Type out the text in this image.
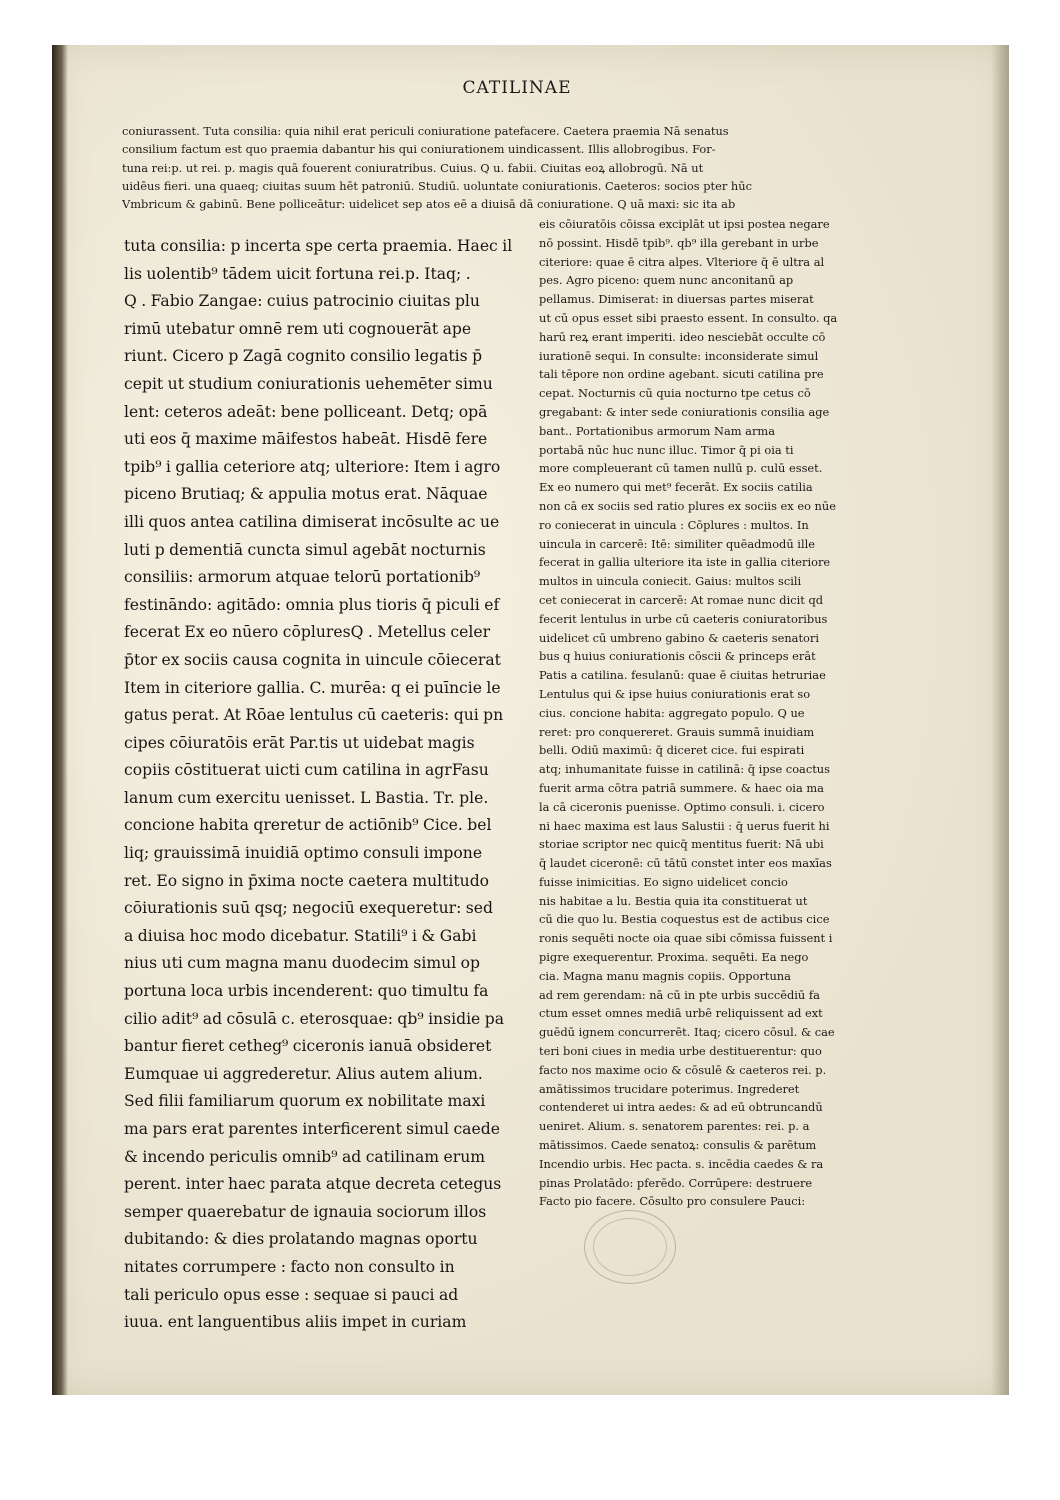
CATILINAE
coniurassent. Tuta consilia: quia nihil erat periculi coniuratione patefacere. Caetera praemia Nā senatus
consilium factum est quo praemia dabantur his qui coniurationem uindicassent. Illis allobrogibus. For-
tuna rei:p. ut rei. p. magis quā fouerent coniuratribus. Cuius. Q u. fabii. Ciuitas eoꝝ allobrogū. Nā ut
uidēus fieri. una quaeq; ciuitas suum hēt patroniū. Studiū. uoluntate coniurationis. Caeteros: socios pter hūc
Vmbricum & gabinū. Bene polliceātur: uidelicet sep atos eē a diuisā dā coniuratione. Q uā maxi: sic ita ab
tuta consilia: p incerta spe certa praemia. Haec il
lis uolentib⁹ tādem uicit fortuna rei.p. Itaq; .
Q . Fabio Zangae: cuius patrocinio ciuitas plu
rimū utebatur omnē rem uti cognouerāt ape
riunt. Cicero p Zagā cognito consilio legatis p̄
cepit ut studium coniurationis uehemēter simu
lent: ceteros adeāt: bene polliceant. Detq; opā
uti eos q̄ maxime māifestos habeāt. Hisdē fere
tpib⁹ i gallia ceteriore atq; ulteriore: Item i agro
piceno Brutiaq; & appulia motus erat. Nāquae
illi quos antea catilina dimiserat incōsulte ac ue
luti p dementiā cuncta simul agebāt nocturnis
consiliis: armorum atquae telorū portationib⁹
festināndo: agitādo: omnia plus tioris q̄ piculi ef
fecerat Ex eo nūero cōpluresQ . Metellus celer
p̄tor ex sociis causa cognita in uincule cōiecerat
Item in citeriore gallia. C. murēa: q ei puīncie le
gatus perat. At Rōae lentulus cū caeteris: qui pn
cipes cōiuratōis erāt Par.tis ut uidebat magis
copiis cōstituerat uicti cum catilina in agrFasu
lanum cum exercitu uenisset. L Bastia. Tr. ple.
concione habita qreretur de actiōnib⁹ Cice. bel
liq; grauissimā inuidiā optimo consuli impone
ret. Eo signo in p̄xima nocte caetera multitudo
cōiurationis suū qsq; negociū exequeretur: sed
a diuisa hoc modo dicebatur. Statili⁹ i & Gabi
nius uti cum magna manu duodecim simul op
portuna loca urbis incenderent: quo timultu fa
cilio adit⁹ ad cōsulā c. eterosquae: qb⁹ insidie pa
bantur fieret cetheg⁹ ciceronis ianuā obsideret
Eumquae ui aggrederetur. Alius autem alium.
Sed filii familiarum quorum ex nobilitate maxi
ma pars erat parentes interficerent simul caede
& incendo periculis omnib⁹ ad catilinam erum
perent. inter haec parata atque decreta cetegus
semper quaerebatur de ignauia sociorum illos
dubitando: & dies prolatando magnas oportu
nitates corrumpere : facto non consulto in
tali periculo opus esse : sequae si pauci ad
iuua. ent languentibus aliis impet in curiam
eis cōiuratōis cōissa exciplāt ut ipsi postea negare
nō possint. Hisdē tpib⁹. qb⁹ illa gerebant in urbe
citeriore: quae ē citra alpes. Vlteriore q̄ ē ultra al
pes. Agro piceno: quem nunc anconitanū ap
pellamus. Dimiserat: in diuersas partes miserat
ut cū opus esset sibi praesto essent. In consulto. qa
harū reꝝ erant imperiti. ideo nesciebāt occulte cō
iurationē sequi. In consulte: inconsiderate simul
tali tēpore non ordine agebant. sicuti catilina pre
cepat. Nocturnis cū quia nocturno tpe cetus cō
gregabant: & inter sede coniurationis consilia age
bant.. Portationibus armorum Nam arma
portabā nūc huc nunc illuc. Timor q̄ pi oia ti
more compleuerant cū tamen nullū p. culū esset.
Ex eo numero qui met⁹ fecerāt. Ex sociis catilia
non cā ex sociis sed ratio plures ex sociis ex eo nūe
ro coniecerat in uincula : Cōplures : multos. In
uincula in carcerē: Itē: similiter quēadmodū ille
fecerat in gallia ulteriore ita iste in gallia citeriore
multos in uincula coniecit. Gaius: multos scili
cet coniecerat in carcerē: At romae nunc dicit qd
fecerit lentulus in urbe cū caeteris coniuratoribus
uidelicet cū umbreno gabino & caeteris senatori
bus q huius coniurationis cōscii & princeps erāt
Patis a catilina. fesulanū: quae ē ciuitas hetruriae
Lentulus qui & ipse huius coniurationis erat so
cius. concione habita: aggregato populo. Q ue
reret: pro conquereret. Grauis summā inuidiam
belli. Odiū maximū: q̄ diceret cice. fui espirati
atq; inhumanitate fuisse in catilinā: q̄ ipse coactus
fuerit arma cōtra patriā summere. & haec oia ma
la cā ciceronis puenisse. Optimo consuli. i. cicero
ni haec maxima est laus Salustii : q̄ uerus fuerit hi
storiae scriptor nec quicq̄ mentitus fuerit: Nā ubi
q̄ laudet ciceronē: cū tātū constet inter eos maxīas
fuisse inimicitias. Eo signo uidelicet concio
nis habitae a lu. Bestia quia ita constituerat ut
cū die quo lu. Bestia coquestus est de actibus cice
ronis sequēti nocte oia quae sibi cōmissa fuissent i
pigre exequerentur. Proxima. sequēti. Ea nego
cia. Magna manu magnis copiis. Opportuna
ad rem gerendam: nā cū in pte urbis succēdiū fa
ctum esset omnes mediā urbē reliquissent ad ext
guēdū ignem concurrerēt. Itaq; cicero cōsul. & cae
teri boni ciues in media urbe destituerentur: quo
facto nos maxime ocio & cōsulē & caeteros rei. p.
amātissimos trucidare poterimus. Ingrederet
contenderet ui intra aedes: & ad eū obtruncandū
ueniret. Alium. s. senatorem parentes: rei. p. a
mātissimos. Caede senatoꝝ: consulis & parētum
Incendio urbis. Hec pacta. s. incēdia caedes & ra
pinas Prolatādo: pferēdo. Corrūpere: destruere
Facto pio facere. Cōsulto pro consulere Pauci:
